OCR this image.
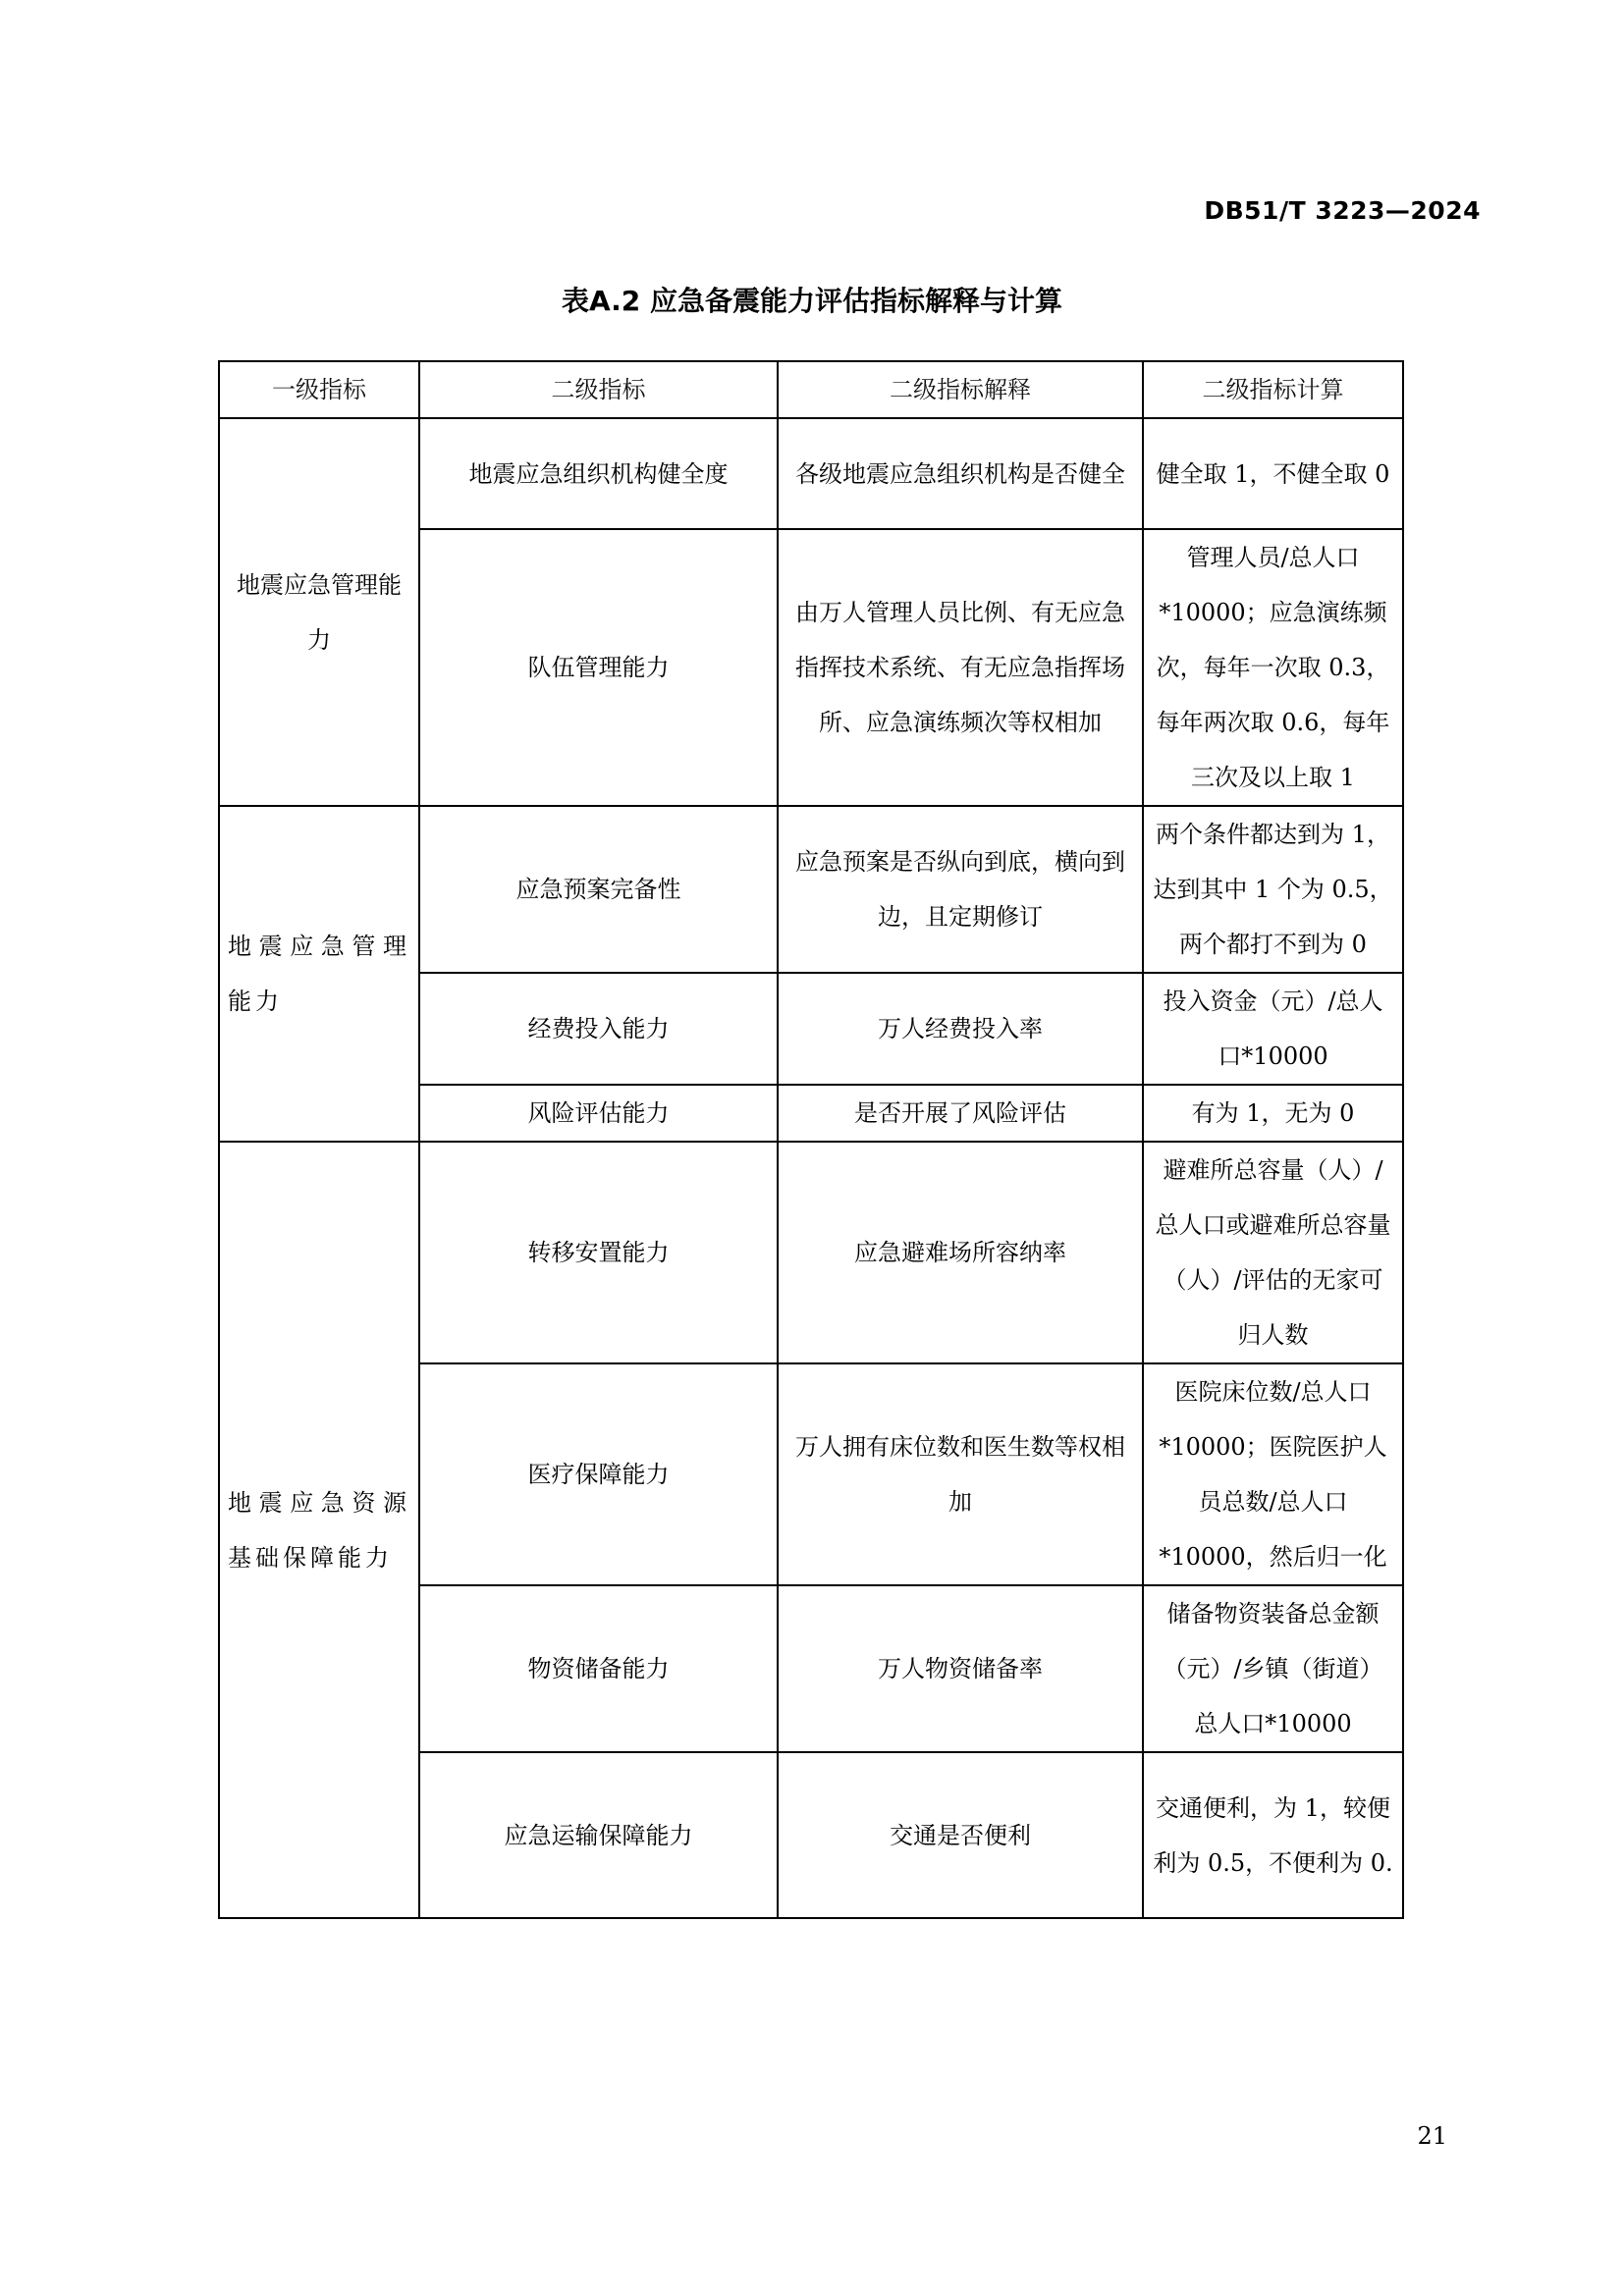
DB51/T 3223—2024
表A.2 应急备震能力评估指标解释与计算
一级指标	二级指标	二级指标解释	二级指标计算
地震应急管理能力	地震应急组织机构健全度	各级地震应急组织机构是否健全	健全取 1，不健全取 0
	队伍管理能力	由万人管理人员比例、有无应急指挥技术系统、有无应急指挥场所、应急演练频次等权相加	管理人员/总人口*10000；应急演练频次，每年一次取 0.3，每年两次取 0.6，每年三次及以上取 1
地震应急管理能力	应急预案完备性	应急预案是否纵向到底，横向到边，且定期修订	两个条件都达到为 1，达到其中 1 个为 0.5，两个都打不到为 0
	经费投入能力	万人经费投入率	投入资金（元）/总人口*10000
	风险评估能力	是否开展了风险评估	有为 1，无为 0
地震应急资源基础保障能力	转移安置能力	应急避难场所容纳率	避难所总容量（人）/总人口或避难所总容量（人）/评估的无家可归人数
	医疗保障能力	万人拥有床位数和医生数等权相加	医院床位数/总人口*10000；医院医护人员总数/总人口*10000，然后归一化
	物资储备能力	万人物资储备率	储备物资装备总金额（元）/乡镇（街道）总人口*10000
	应急运输保障能力	交通是否便利	交通便利，为 1，较便利为 0.5，不便利为 0.
21
